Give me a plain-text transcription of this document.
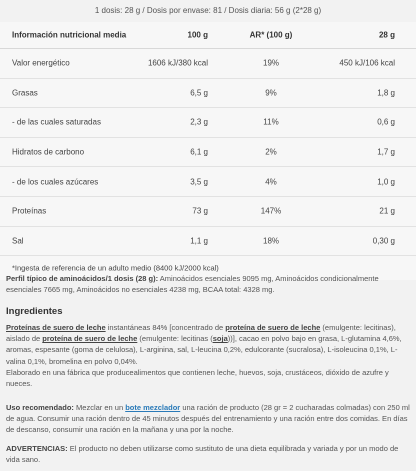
1 dosis: 28 g / Dosis por envase: 81 / Dosis diaria: 56 g (2*28 g)
Información nutricional media	100 g	AR* (100 g)	28 g
Valor energético	1606 kJ/380 kcal	19%	450 kJ/106 kcal
Grasas	6,5 g	9%	1,8 g
- de las cuales saturadas	2,3 g	11%	0,6 g
Hidratos de carbono	6,1 g	2%	1,7 g
- de los cuales azúcares	3,5 g	4%	1,0 g
Proteínas	73 g	147%	21 g
Sal	1,1 g	18%	0,30 g
*Ingesta de referencia de un adulto medio (8400 kJ/2000 kcal)
Perfil típico de aminoácidos/1 dosis (28 g): Aminoácidos esenciales 9095 mg, Aminoácidos condicionalmente esenciales 7665 mg, Aminoácidos no esenciales 4238 mg, BCAA total: 4328 mg.
Ingredientes
Proteínas de suero de leche instantáneas 84% [concentrado de proteína de suero de leche (emulgente: lecitinas), aislado de proteína de suero de leche (emulgente: lecitinas (soja))], cacao en polvo bajo en grasa, L-glutamina 4,6%, aromas, espesante (goma de celulosa), L-arginina, sal, L-leucina 0,2%, edulcorante (sucralosa), L-isoleucina 0,1%, L-valina 0,1%, bromelina en polvo 0,04%.
Elaborado en una fábrica que producealimentos que contienen leche, huevos, soja, crustáceos, dióxido de azufre y nueces.
Uso recomendado: Mezclar en un bote mezclador una ración de producto (28 gr = 2 cucharadas colmadas) con 250 ml de agua. Consumir una ración dentro de 45 minutos después del entrenamiento y una ración entre dos comidas. En días de descanso, consumir una ración en la mañana y una por la noche.
ADVERTENCIAS: El producto no deben utilizarse como sustituto de una dieta equilibrada y variada y por un modo de vida sano.
